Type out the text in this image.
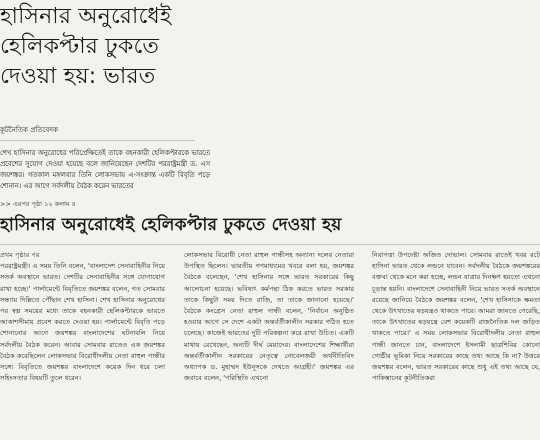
হাসিনার অনুরোধেই
হেলিকপ্টার ঢুকতে
দেওয়া হয়: ভারত
কূটনৈতিক প্রতিবেদক

শেখ হাসিনার অনুরোধের পরিপ্রেক্ষিতেই তাকে বহনকারী হেলিকপ্টারকে ভারতে প্রবেশের সুযোগ দেওয়া হয়েছে বলে জানিয়েছেন দেশটির পররাষ্ট্রমন্ত্রী ড. এস জয়শঙ্কর। গতকাল মঙ্গলবার তিনি লোকসভায় এ-সংক্রান্ত একটি বিবৃতি পড়ে শোনান। এর আগে সর্বদলীয় বৈঠক করেন ভারতের

>> এরপর পৃষ্ঠা ১২ কলাম ৪
হাসিনার অনুরোধেই হেলিকপ্টার ঢুকতে দেওয়া হয়

প্রথম পৃষ্ঠার পর

পররাষ্ট্রমন্ত্রী। এ সময় তিনি বলেন, 'বাংলাদেশ সেনাবাহিনীর নিয়ে সতর্ক অবস্থানে ভারত। দেশটির সেনাবাহিনীর সঙ্গে যোগাযোগ রাখা হচ্ছে।' পার্লামেন্টে বিবৃতিতে জয়শঙ্কর বলেন, গত সোমবার সন্ধ্যায় দিল্লিতে পৌঁছান শেখ হাসিনা। শেখ হাসিনার অনুরোধের পর স্বল্প সময়ের মধ্যে তাকে বহনকারী হেলিকপ্টারকে ভারতে আকাশসীমায় প্রবেশ করতে দেওয়া হয়। পার্লামেন্টে বিবৃতি পড়ে শোনানোর আগে জয়শঙ্কর বাংলাদেশের ঘটনাবলি নিয়ে সর্বদলীয় বৈঠক করেন। আবার সোমবার রাতেও এক জয়শঙ্কর বৈঠক করেছিলেন লোকসভার বিরোধীদলীয় নেতা রাহুল গান্ধীর সঙ্গে। বিবৃতিতে জয়শঙ্কর বাংলাদেশে কয়েক দিন ধরে চলা সহিংসতার বিষয়টি তুলে ধরেন।

লোকসভার বিরোধী নেতা রাহুল গান্ধীসহ অন্যান্য দলের নেতারা উপস্থিত ছিলেন। ভারতীয় গণমাধ্যমের খবরে বলা হয়, জয়শঙ্কর বৈঠকে বলেছেন, 'শেখ হাসিনার সঙ্গে ভারত সরকারের কিছু আলোচনা হয়েছে। ভবিষ্যৎ কর্মপন্থা ঠিক করতে ভারত সরকার তাকে কিছুটা সময় দিতে রাজি, তা তাকে জানানো হয়েছে।' বৈঠকে কংগ্রেস নেতা রাহুল গান্ধী বলেন, 'নির্বাচন অনুষ্ঠিত হওয়ার আগে সে দেশে একটা অন্তর্বর্তীকালীন সরকার গঠিত হতে চলেছে। কাজেই ভারতের দুটি পরিকল্পনা করে রাখা উচিত। একটি মাথায় রেখেছেন, অন্যটি দীর্ঘ মেয়াদের। বাংলাদেশের শিক্ষার্থীরা অন্তর্বর্তীকালীন সরকারের নেতৃত্বে নোবেলজয়ী অর্থনীতিবিদ অধ্যাপক ড. মুহাম্মদ ইউনূসকে দেখতে আগ্রহী।' জয়শঙ্কর এর জবাবে বলেন, 'পরিস্থিতি এখনো

নিরাপত্তা উপদেষ্টা অজিত দোভাল। সোমবার রাতেই খবর রটে হাসিনা ভারত থেকে লন্ডনে যাবেন। সর্বদলীয় বৈঠকে জয়শঙ্করের বক্তব্য থেকে মনে করা হচ্ছে, লন্ডন যাত্রার দিনক্ষণ হয়তো এখনো চূড়ান্ত হয়নি। বাংলাদেশে সেনাবাহিনী নিয়ে ভারত সতর্ক অবস্থানে রয়েছে জানিয়ে বৈঠকে জয়শঙ্কর বলেন, 'শেখ হাসিনাকে ক্ষমতা থেকে উৎখাতের ষড়যন্ত্রও থাকতে পারে। আমরা জানতে পেরেছি, তাকে উৎখাতের ষড়যন্ত্রে বেশ কয়েকটি রাজনৈতিক দল জড়িত থাকতে পারে।' এ সময় লোকসভার বিরোধীদলীয় নেতা রাহুল গান্ধী জানতে চান, বাংলাদেশে ইসলামী ছাত্রশিবির কোনো গোষ্ঠীর ভূমিকা নিয়ে সরকারের কাছে তথ্য আছে কি না? উত্তরে জয়শঙ্কর বলেন, ভারত সরকারের কাছে শুধু এই তথ্য আছে যে, পাকিস্তানের কূটনীতিকরা
